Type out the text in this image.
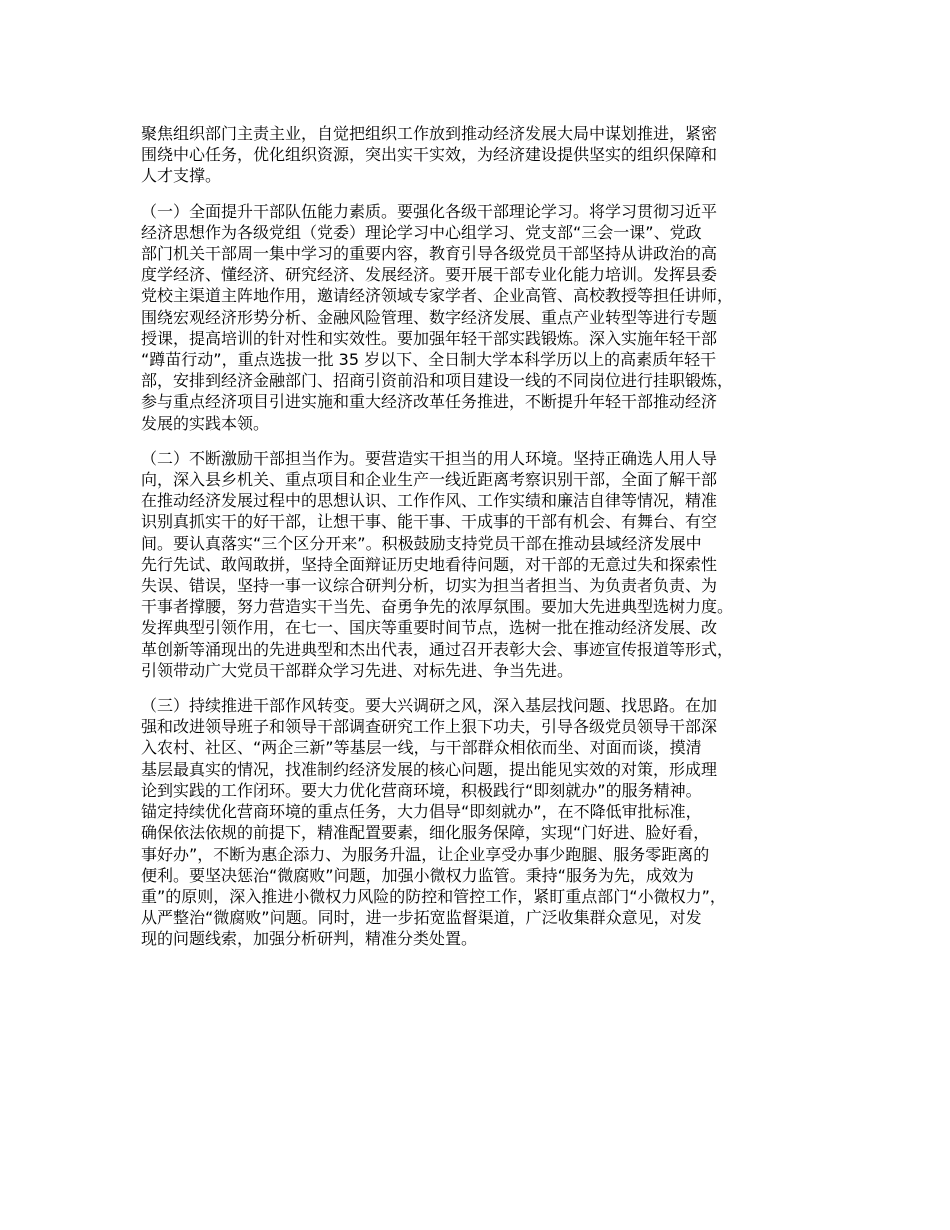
聚焦组织部门主责主业，自觉把组织工作放到推动经济发展大局中谋划推进，紧密
围绕中心任务，优化组织资源，突出实干实效，为经济建设提供坚实的组织保障和
人才支撑。

（一）全面提升干部队伍能力素质。要强化各级干部理论学习。将学习贯彻习近平
经济思想作为各级党组（党委）理论学习中心组学习、党支部“三会一课”、党政
部门机关干部周一集中学习的重要内容，教育引导各级党员干部坚持从讲政治的高
度学经济、懂经济、研究经济、发展经济。要开展干部专业化能力培训。发挥县委
党校主渠道主阵地作用，邀请经济领域专家学者、企业高管、高校教授等担任讲师，
围绕宏观经济形势分析、金融风险管理、数字经济发展、重点产业转型等进行专题
授课，提高培训的针对性和实效性。要加强年轻干部实践锻炼。深入实施年轻干部
“蹲苗行动”，重点选拔一批 35 岁以下、全日制大学本科学历以上的高素质年轻干
部，安排到经济金融部门、招商引资前沿和项目建设一线的不同岗位进行挂职锻炼，
参与重点经济项目引进实施和重大经济改革任务推进，不断提升年轻干部推动经济
发展的实践本领。

（二）不断激励干部担当作为。要营造实干担当的用人环境。坚持正确选人用人导
向，深入县乡机关、重点项目和企业生产一线近距离考察识别干部，全面了解干部
在推动经济发展过程中的思想认识、工作作风、工作实绩和廉洁自律等情况，精准
识别真抓实干的好干部，让想干事、能干事、干成事的干部有机会、有舞台、有空
间。要认真落实“三个区分开来”。积极鼓励支持党员干部在推动县域经济发展中
先行先试、敢闯敢拼，坚持全面辩证历史地看待问题，对干部的无意过失和探索性
失误、错误，坚持一事一议综合研判分析，切实为担当者担当、为负责者负责、为
干事者撑腰，努力营造实干当先、奋勇争先的浓厚氛围。要加大先进典型选树力度。
发挥典型引领作用，在七一、国庆等重要时间节点，选树一批在推动经济发展、改
革创新等涌现出的先进典型和杰出代表，通过召开表彰大会、事迹宣传报道等形式，
引领带动广大党员干部群众学习先进、对标先进、争当先进。

（三）持续推进干部作风转变。要大兴调研之风，深入基层找问题、找思路。在加
强和改进领导班子和领导干部调查研究工作上狠下功夫，引导各级党员领导干部深
入农村、社区、“两企三新”等基层一线，与干部群众相依而坐、对面而谈，摸清
基层最真实的情况，找准制约经济发展的核心问题，提出能见实效的对策，形成理
论到实践的工作闭环。要大力优化营商环境，积极践行“即刻就办”的服务精神。
锚定持续优化营商环境的重点任务，大力倡导“即刻就办”，在不降低审批标准，
确保依法依规的前提下，精准配置要素，细化服务保障，实现“门好进、脸好看，
事好办”，不断为惠企添力、为服务升温，让企业享受办事少跑腿、服务零距离的
便利。要坚决惩治“微腐败”问题，加强小微权力监管。秉持“服务为先，成效为
重”的原则，深入推进小微权力风险的防控和管控工作，紧盯重点部门“小微权力”，
从严整治“微腐败”问题。同时，进一步拓宽监督渠道，广泛收集群众意见，对发
现的问题线索，加强分析研判，精准分类处置。
